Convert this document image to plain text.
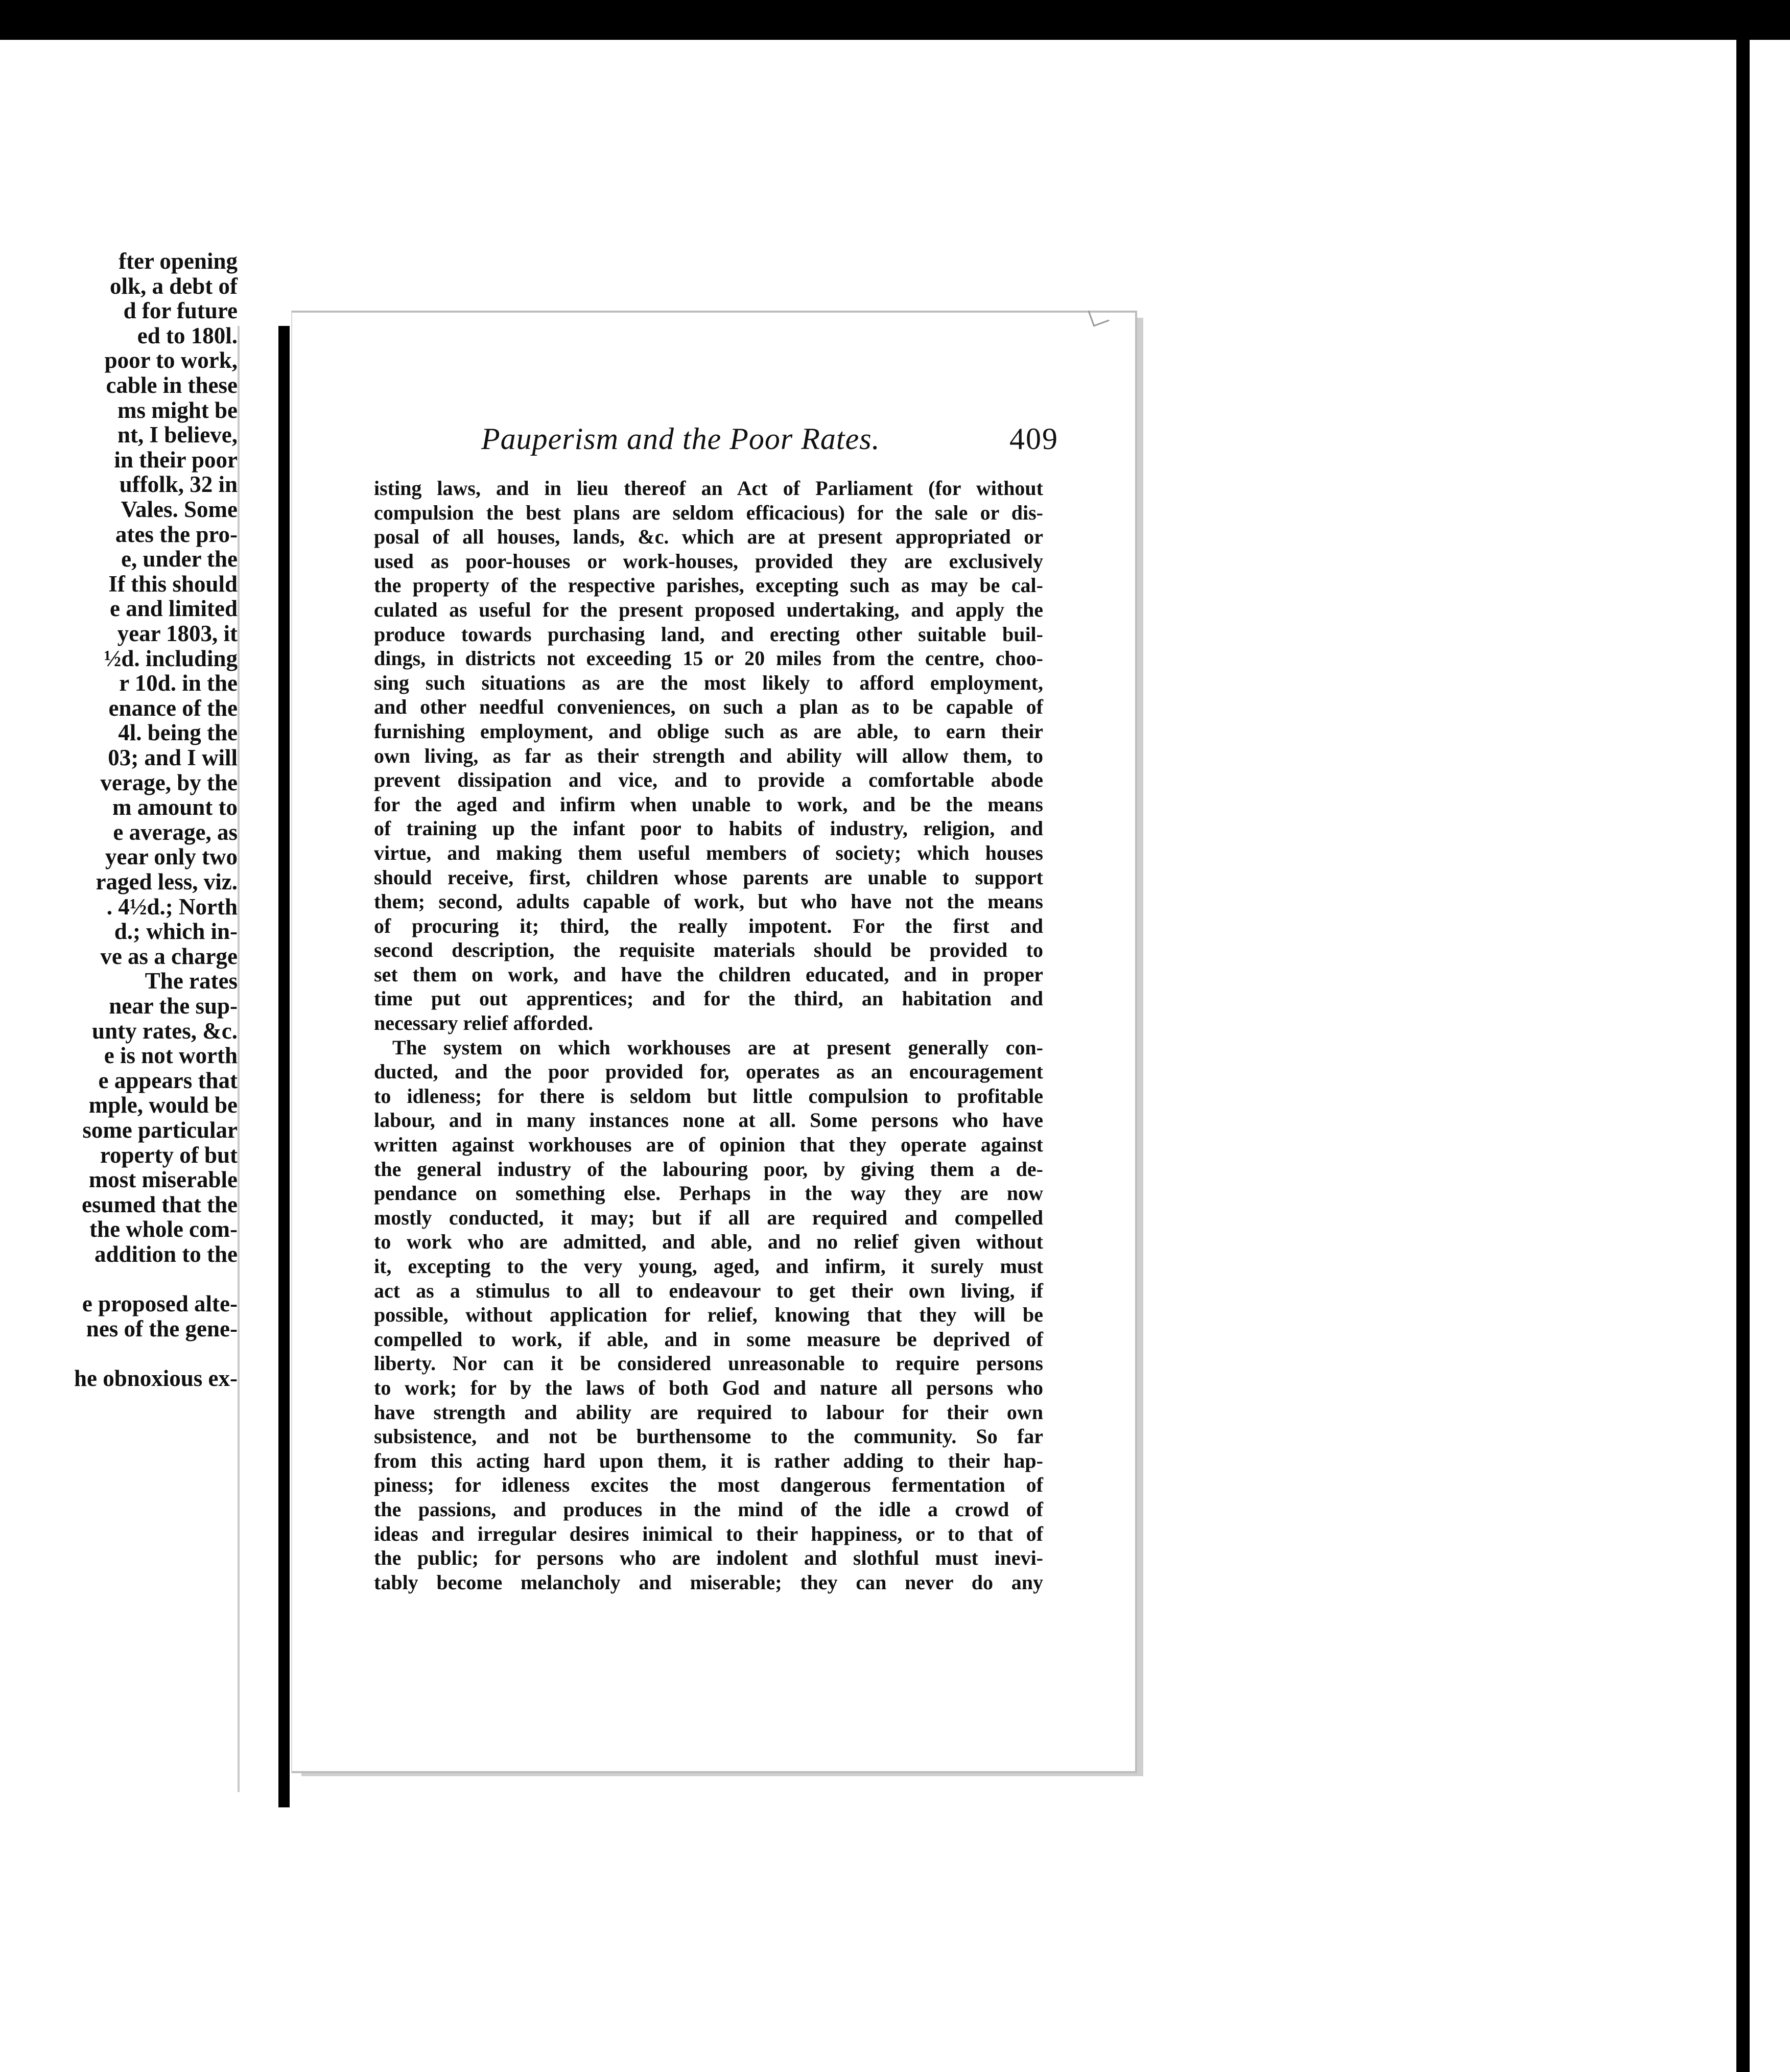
fter opening
olk, a debt of
d for future
ed to 180l.
poor to work,
cable in these
ms might be
nt, I believe,
in their poor
uffolk, 32 in
Vales. Some
ates the pro-
e, under the
If this should
e and limited
year 1803, it
½d. including
r 10d. in the
enance of the
4l. being the
03; and I will
verage, by the
m amount to
e average, as
year only two
raged less, viz.
. 4½d.; North
d.; which in-
ve as a charge
The rates
near the sup-
unty rates, &c.
e is not worth
e appears that
mple, would be
some particular
roperty of but
most miserable
esumed that the
the whole com-
addition to the
e proposed alte-
nes of the gene-
he obnoxious ex-
Pauperism and the Poor Rates.	409
isting laws, and in lieu thereof an Act of Parliament (for without
compulsion the best plans are seldom efficacious) for the sale or dis-
posal of all houses, lands, &c. which are at present appropriated or
used as poor-houses or work-houses, provided they are exclusively
the property of the respective parishes, excepting such as may be cal-
culated as useful for the present proposed undertaking, and apply the
produce towards purchasing land, and erecting other suitable buil-
dings, in districts not exceeding 15 or 20 miles from the centre, choo-
sing such situations as are the most likely to afford employment,
and other needful conveniences, on such a plan as to be capable of
furnishing employment, and oblige such as are able, to earn their
own living, as far as their strength and ability will allow them, to
prevent dissipation and vice, and to provide a comfortable abode
for the aged and infirm when unable to work, and be the means
of training up the infant poor to habits of industry, religion, and
virtue, and making them useful members of society; which houses
should receive, first, children whose parents are unable to support
them; second, adults capable of work, but who have not the means
of procuring it; third, the really impotent. For the first and
second description, the requisite materials should be provided to
set them on work, and have the children educated, and in proper
time put out apprentices; and for the third, an habitation and
necessary relief afforded.
The system on which workhouses are at present generally con-
ducted, and the poor provided for, operates as an encouragement
to idleness; for there is seldom but little compulsion to profitable
labour, and in many instances none at all. Some persons who have
written against workhouses are of opinion that they operate against
the general industry of the labouring poor, by giving them a de-
pendance on something else. Perhaps in the way they are now
mostly conducted, it may; but if all are required and compelled
to work who are admitted, and able, and no relief given without
it, excepting to the very young, aged, and infirm, it surely must
act as a stimulus to all to endeavour to get their own living, if
possible, without application for relief, knowing that they will be
compelled to work, if able, and in some measure be deprived of
liberty. Nor can it be considered unreasonable to require persons
to work; for by the laws of both God and nature all persons who
have strength and ability are required to labour for their own
subsistence, and not be burthensome to the community. So far
from this acting hard upon them, it is rather adding to their hap-
piness; for idleness excites the most dangerous fermentation of
the passions, and produces in the mind of the idle a crowd of
ideas and irregular desires inimical to their happiness, or to that of
the public; for persons who are indolent and slothful must inevi-
tably become melancholy and miserable; they can never do any
